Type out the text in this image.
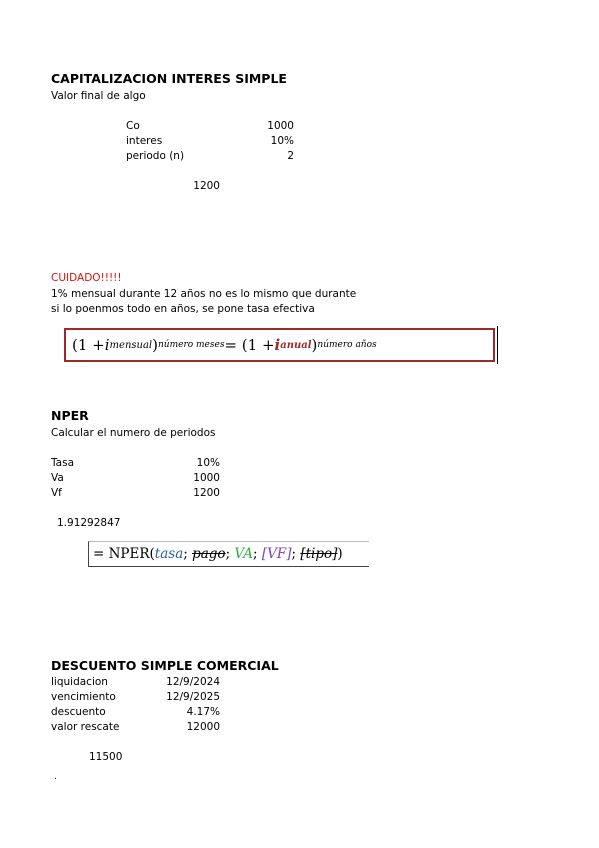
CAPITALIZACION INTERES SIMPLE
Valor final de algo
Co	1000
interes	10%
periodo (n)	2
1200
CUIDADO!!!!!
1% mensual durante 12 años no es lo mismo que durante
si lo poenmos todo en años, se pone tasa efectiva
(1 + i mensual ) número meses = (1 + i anual ) número años
NPER
Calcular el numero de periodos
Tasa	10%
Va	1000
Vf	1200
1.91292847
= NPER(tasa; pago; VA; [VF]; [tipo])
DESCUENTO SIMPLE COMERCIAL
liquidacion	12/9/2024
vencimiento	12/9/2025
descuento	4.17%
valor rescate	12000
11500
.
